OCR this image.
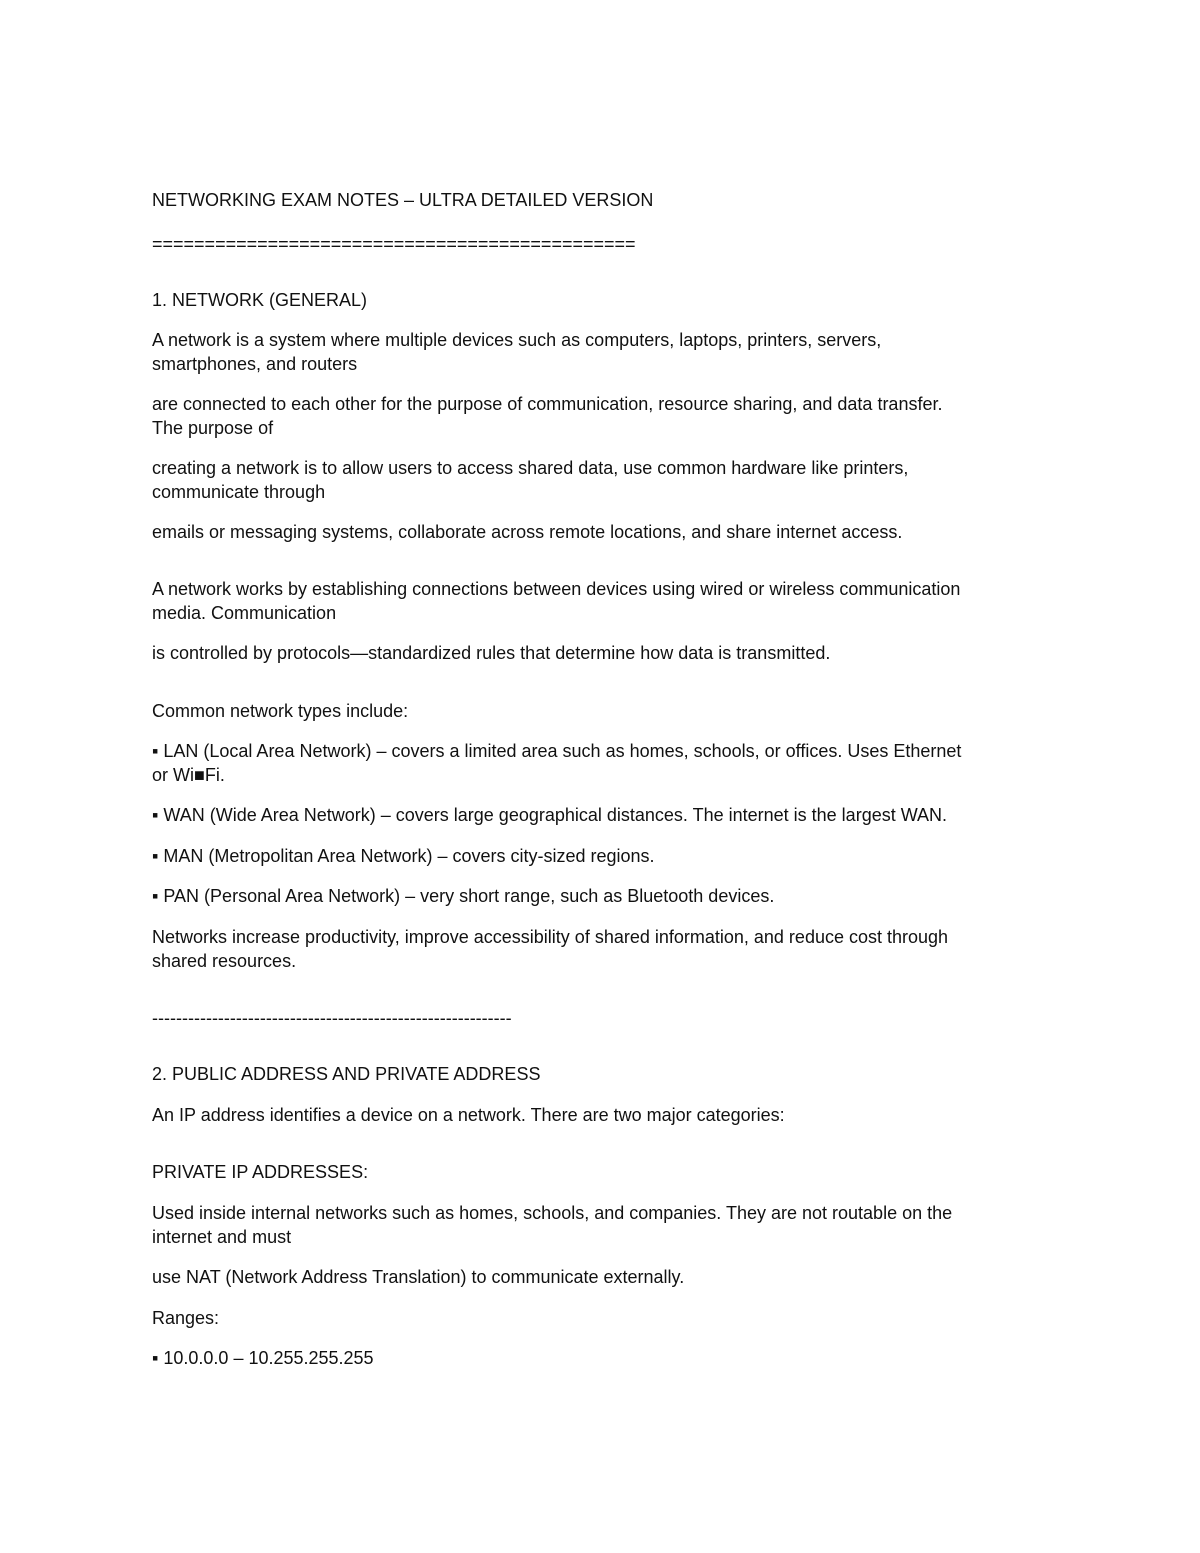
NETWORKING EXAM NOTES – ULTRA DETAILED VERSION
==============================================
1. NETWORK (GENERAL)
A network is a system where multiple devices such as computers, laptops, printers, servers,
smartphones, and routers
are connected to each other for the purpose of communication, resource sharing, and data transfer.
The purpose of
creating a network is to allow users to access shared data, use common hardware like printers,
communicate through
emails or messaging systems, collaborate across remote locations, and share internet access.
A network works by establishing connections between devices using wired or wireless communication
media. Communication
is controlled by protocols—standardized rules that determine how data is transmitted.
Common network types include:
▪ LAN (Local Area Network) – covers a limited area such as homes, schools, or offices. Uses Ethernet
or Wi■Fi.
▪ WAN (Wide Area Network) – covers large geographical distances. The internet is the largest WAN.
▪ MAN (Metropolitan Area Network) – covers city-sized regions.
▪ PAN (Personal Area Network) – very short range, such as Bluetooth devices.
Networks increase productivity, improve accessibility of shared information, and reduce cost through
shared resources.
------------------------------------------------------------
2. PUBLIC ADDRESS AND PRIVATE ADDRESS
An IP address identifies a device on a network. There are two major categories:
PRIVATE IP ADDRESSES:
Used inside internal networks such as homes, schools, and companies. They are not routable on the
internet and must
use NAT (Network Address Translation) to communicate externally.
Ranges:
▪ 10.0.0.0 – 10.255.255.255
